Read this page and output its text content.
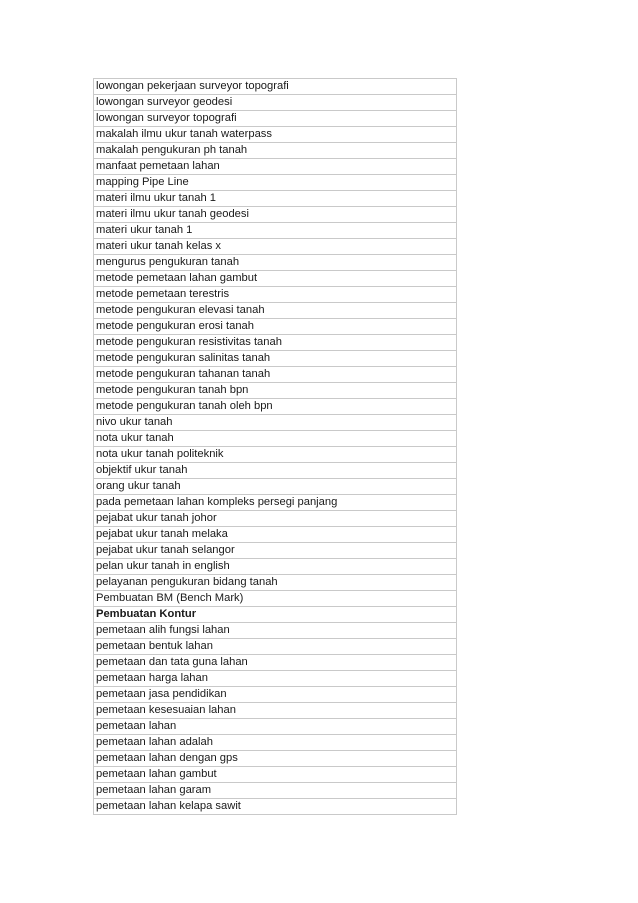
lowongan pekerjaan surveyor topografi
lowongan surveyor geodesi
lowongan surveyor topografi
makalah ilmu ukur tanah waterpass
makalah pengukuran ph tanah
manfaat pemetaan lahan
mapping Pipe Line
materi ilmu ukur tanah 1
materi ilmu ukur tanah geodesi
materi ukur tanah 1
materi ukur tanah kelas x
mengurus pengukuran tanah
metode pemetaan lahan gambut
metode pemetaan terestris
metode pengukuran elevasi tanah
metode pengukuran erosi tanah
metode pengukuran resistivitas tanah
metode pengukuran salinitas tanah
metode pengukuran tahanan tanah
metode pengukuran tanah bpn
metode pengukuran tanah oleh bpn
nivo ukur tanah
nota ukur tanah
nota ukur tanah politeknik
objektif ukur tanah
orang ukur tanah
pada pemetaan lahan kompleks persegi panjang
pejabat ukur tanah johor
pejabat ukur tanah melaka
pejabat ukur tanah selangor
pelan ukur tanah in english
pelayanan pengukuran bidang tanah
Pembuatan BM (Bench Mark)
Pembuatan Kontur
pemetaan alih fungsi lahan
pemetaan bentuk lahan
pemetaan dan tata guna lahan
pemetaan harga lahan
pemetaan jasa pendidikan
pemetaan kesesuaian lahan
pemetaan lahan
pemetaan lahan adalah
pemetaan lahan dengan gps
pemetaan lahan gambut
pemetaan lahan garam
pemetaan lahan kelapa sawit
